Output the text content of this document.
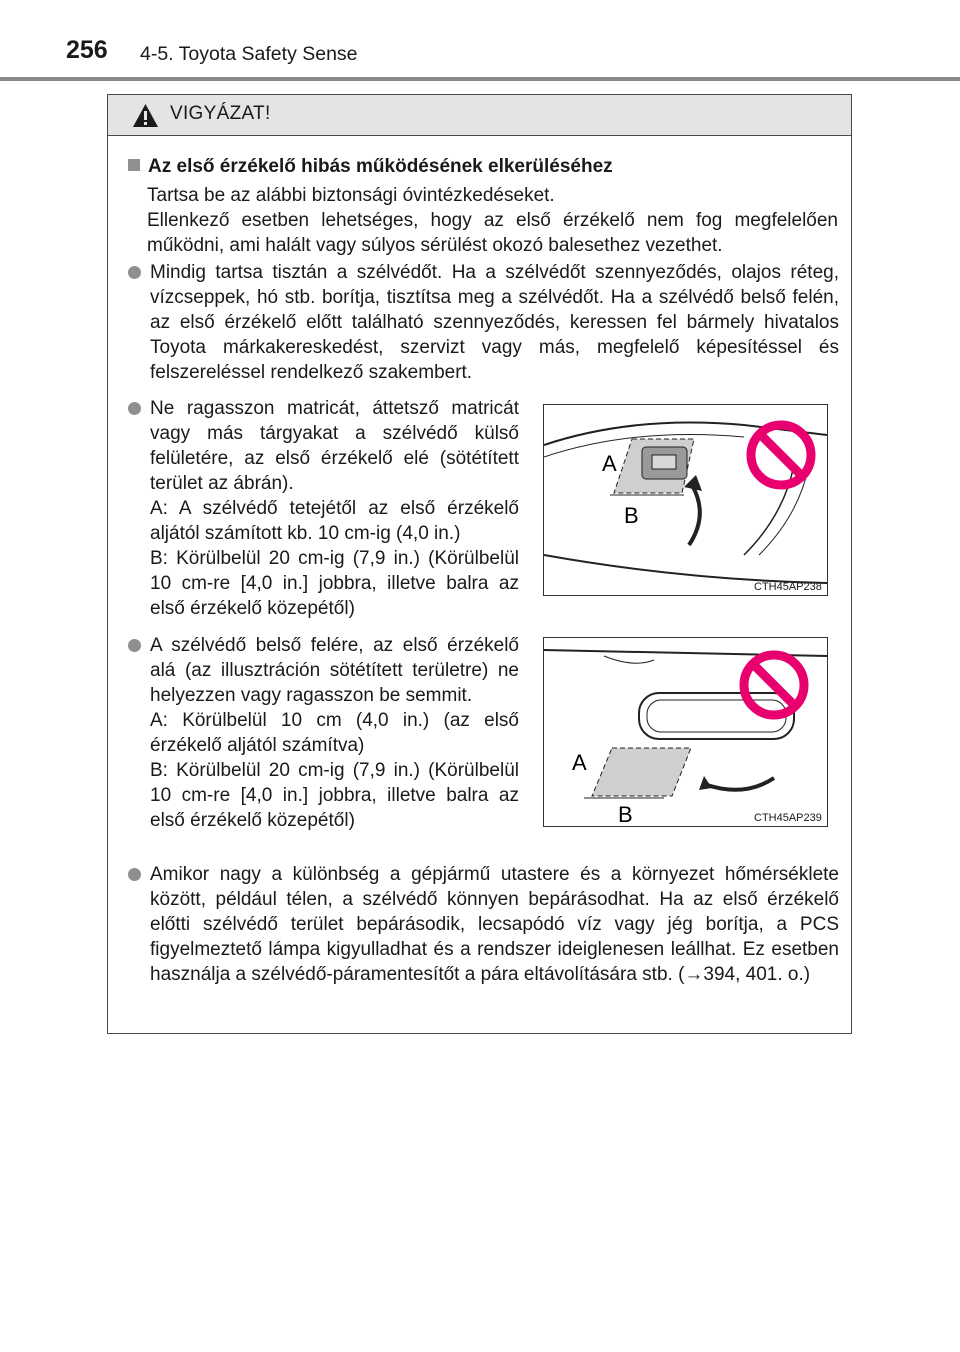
256 4-5. Toyota Safety Sense
VIGYÁZAT!
Az első érzékelő hibás működésének elkerüléséhez
Tartsa be az alábbi biztonsági óvintézkedéseket.
Ellenkező esetben lehetséges, hogy az első érzékelő nem fog megfelelően működni, ami halált vagy súlyos sérülést okozó balesethez vezethet.
Mindig tartsa tisztán a szélvédőt. Ha a szélvédőt szennyeződés, olajos réteg, vízcseppek, hó stb. borítja, tisztítsa meg a szélvédőt. Ha a szélvédő belső felén, az első érzékelő előtt található szennyeződés, keressen fel bármely hivatalos Toyota márkakereskedést, szervizt vagy más, megfelelő képesítéssel és felszereléssel rendelkező szakembert.
Ne ragasszon matricát, áttetsző matricát vagy más tárgyakat a szélvédő külső felületére, az első érzékelő elé (sötétített terület az ábrán).
A: A szélvédő tetejétől az első érzékelő aljától számított kb. 10 cm-ig (4,0 in.)
B: Körülbelül 20 cm-ig (7,9 in.) (Körülbelül 10 cm-re [4,0 in.] jobbra, illetve balra az első érzékelő közepétől)
A
B
CTH45AP238
A szélvédő belső felére, az első érzékelő alá (az illusztráción sötétített területre) ne helyezzen vagy ragasszon be semmit.
A: Körülbelül 10 cm (4,0 in.) (az első érzékelő aljától számítva)
B: Körülbelül 20 cm-ig (7,9 in.) (Körülbelül 10 cm-re [4,0 in.] jobbra, illetve balra az első érzékelő közepétől)
A
B	CTH45AP239
Amikor nagy a különbség a gépjármű utastere és a környezet hőmérséklete között, például télen, a szélvédő könnyen bepárásodhat. Ha az első érzékelő előtti szélvédő terület bepárásodik, lecsapódó víz vagy jég borítja, a PCS figyelmeztető lámpa kigyulladhat és a rendszer ideiglenesen leállhat. Ez esetben használja a szélvédő-páramentesítőt a pára eltávolítására stb. (→394, 401. o.)
